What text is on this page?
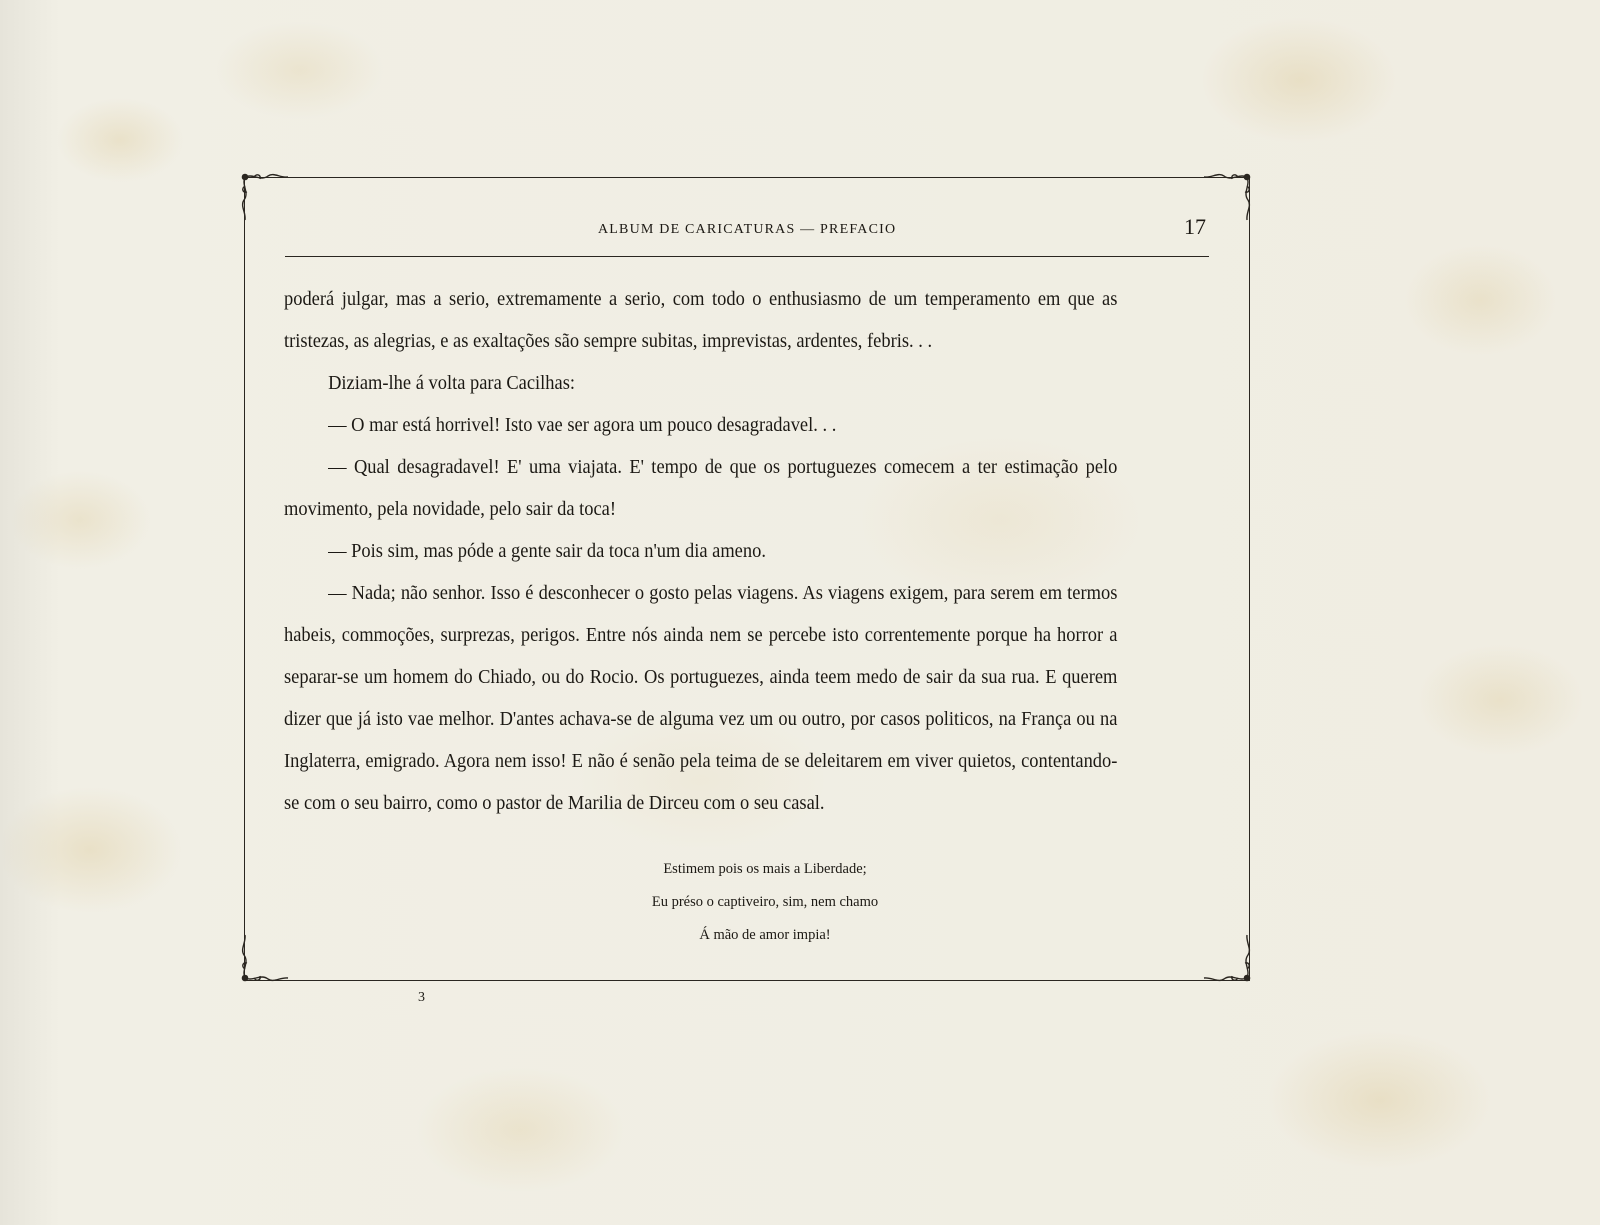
ALBUM DE CARICATURAS — PREFACIO	17

poderá julgar, mas a serio, extremamente a serio, com todo o enthusiasmo de um temperamento em que as tristezas, as alegrias, e as exaltações são sempre subitas, imprevistas, ardentes, febris. . .

Diziam-lhe á volta para Cacilhas:

— O mar está horrivel! Isto vae ser agora um pouco desagradavel. . .

— Qual desagradavel! E' uma viajata. E' tempo de que os portuguezes comecem a ter estimação pelo movimento, pela novidade, pelo sair da toca!

— Pois sim, mas póde a gente sair da toca n'um dia ameno.

— Nada; não senhor. Isso é desconhecer o gosto pelas viagens. As viagens exigem, para serem em termos habeis, commoções, surprezas, perigos. Entre nós ainda nem se percebe isto correntemente porque ha horror a separar-se um homem do Chiado, ou do Rocio. Os portuguezes, ainda teem medo de sair da sua rua. E querem dizer que já isto vae melhor. D'antes achava-se de alguma vez um ou outro, por casos politicos, na França ou na Inglaterra, emigrado. Agora nem isso! E não é senão pela teima de se deleitarem em viver quietos, contentando-se com o seu bairro, como o pastor de Marilia de Dirceu com o seu casal.

Estimem pois os mais a Liberdade;
Eu préso o captiveiro, sim, nem chamo
Á mão de amor impia!
3
